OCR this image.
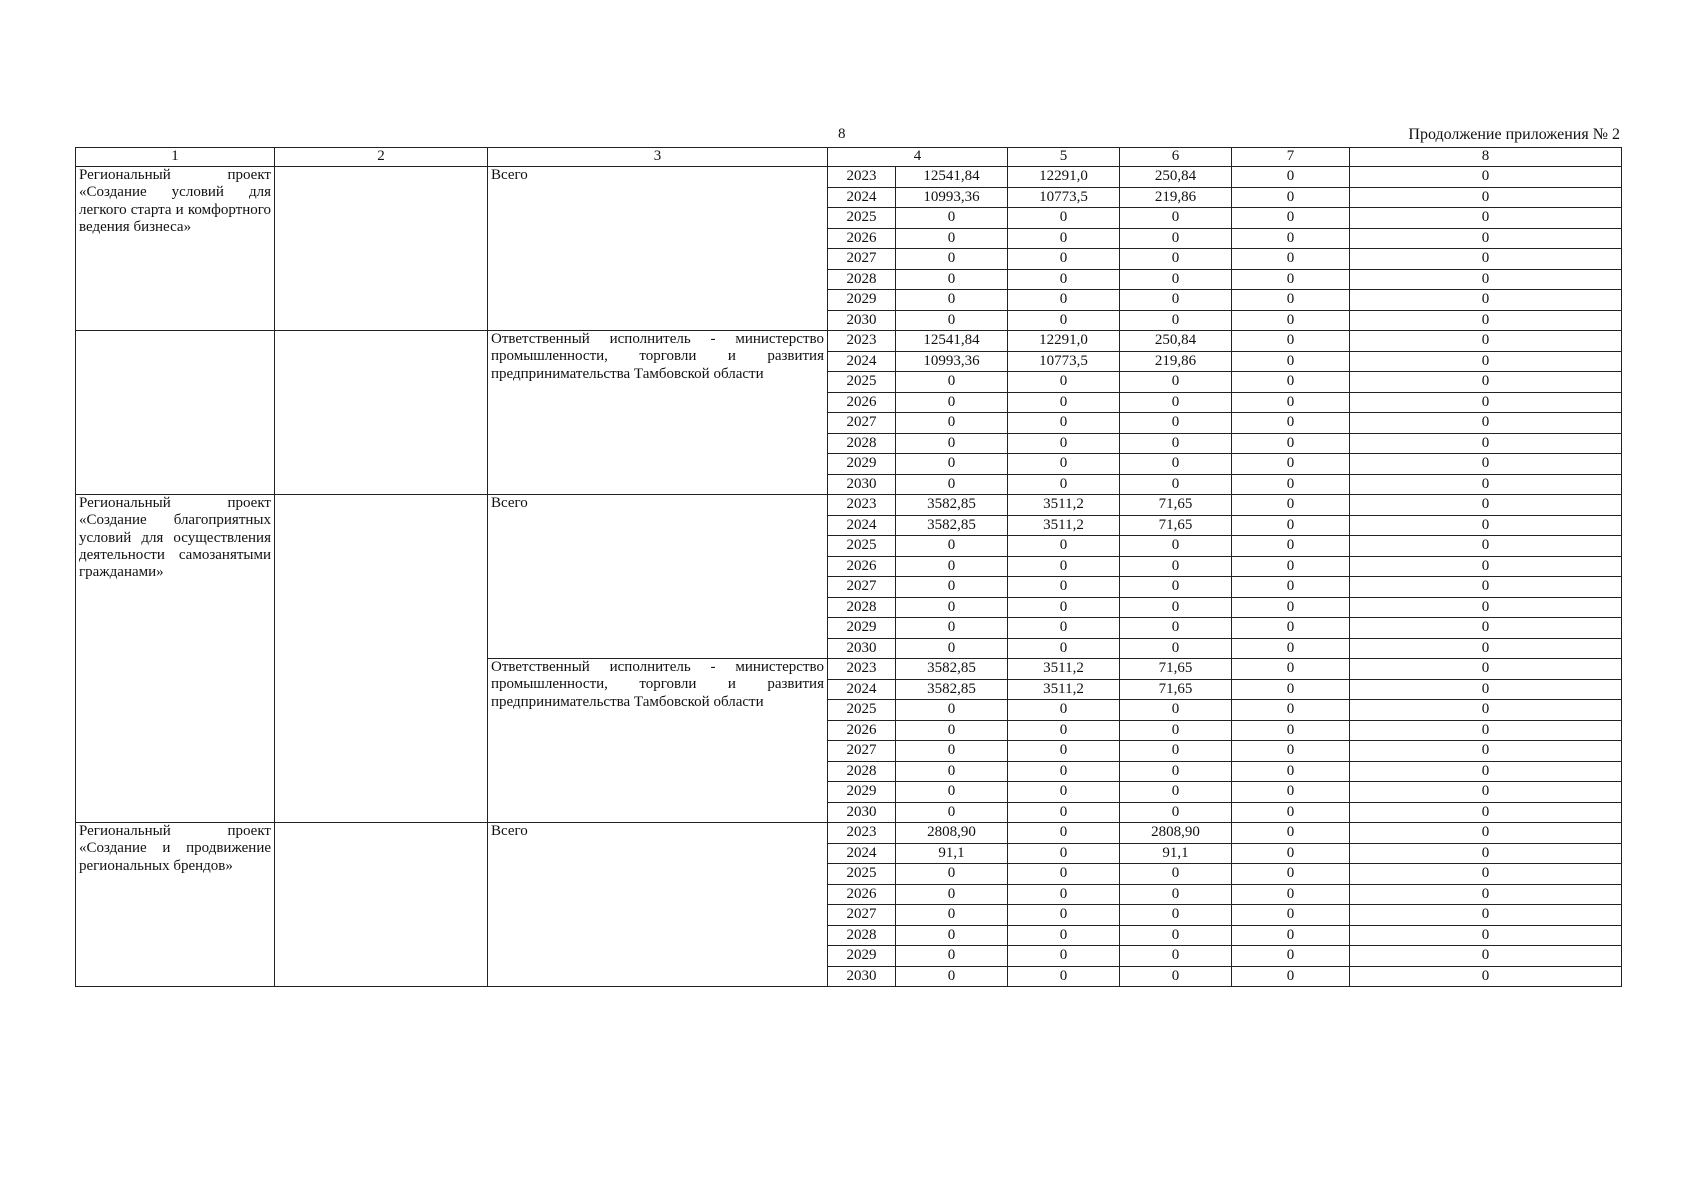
8	Продолжение приложения № 2
1	2	3	4		5	6	7	8
Региональный проект «Создание условий для легкого старта и комфортного ведения бизнеса»		Всего	2023	12541,84	12291,0	250,84	0	0
			2024	10993,36	10773,5	219,86	0	0
			2025	0	0	0	0	0
			2026	0	0	0	0	0
			2027	0	0	0	0	0
			2028	0	0	0	0	0
			2029	0	0	0	0	0
			2030	0	0	0	0	0
		Ответственный исполнитель - министерство промышленности, торговли и развития предпринимательства Тамбовской области	2023	12541,84	12291,0	250,84	0	0
			2024	10993,36	10773,5	219,86	0	0
			2025	0	0	0	0	0
			2026	0	0	0	0	0
			2027	0	0	0	0	0
			2028	0	0	0	0	0
			2029	0	0	0	0	0
			2030	0	0	0	0	0
Региональный проект «Создание благоприятных условий для осуществления деятельности самозанятыми гражданами»		Всего	2023	3582,85	3511,2	71,65	0	0
			2024	3582,85	3511,2	71,65	0	0
			2025	0	0	0	0	0
			2026	0	0	0	0	0
			2027	0	0	0	0	0
			2028	0	0	0	0	0
			2029	0	0	0	0	0
			2030	0	0	0	0	0
		Ответственный исполнитель - министерство промышленности, торговли и развития предпринимательства Тамбовской области	2023	3582,85	3511,2	71,65	0	0
			2024	3582,85	3511,2	71,65	0	0
			2025	0	0	0	0	0
			2026	0	0	0	0	0
			2027	0	0	0	0	0
			2028	0	0	0	0	0
			2029	0	0	0	0	0
			2030	0	0	0	0	0
Региональный проект «Создание и продвижение региональных брендов»		Всего	2023	2808,90	0	2808,90	0	0
			2024	91,1	0	91,1	0	0
			2025	0	0	0	0	0
			2026	0	0	0	0	0
			2027	0	0	0	0	0
			2028	0	0	0	0	0
			2029	0	0	0	0	0
			2030	0	0	0	0	0
